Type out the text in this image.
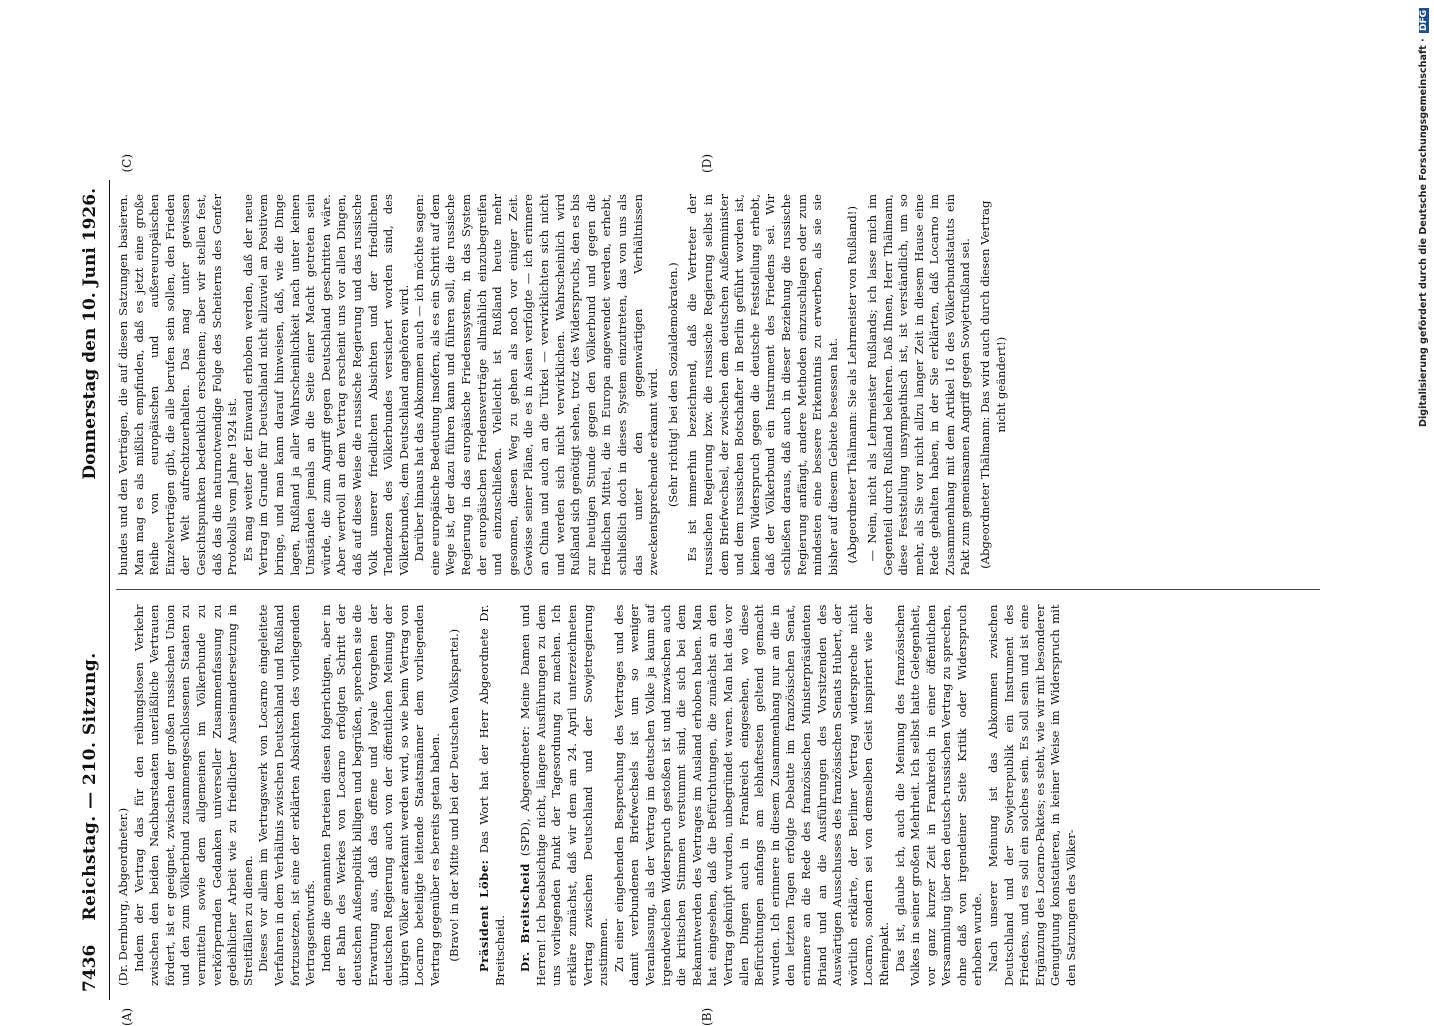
7436
Reichstag. — 210. Sitzung.
Donnerstag den 10. Juni 1926.

(Dr. Dernburg, Abgeordneter.) Indem der Vertrag das für den reibungslosen Verkehr zwischen den beiden Nachbarstaaten unerläßliche Vertrauen fördert, ist er geeignet, zwischen der großen russischen Union und den zum Völkerbund zusammengeschlossenen Staaten zu vermitteln sowie dem allgemeinen im Völkerbunde zu verkörpernden Gedanken universeller Zusammenfassung zu gedeihlicher Arbeit wie zu friedlicher Auseinandersetzung in Streitfällen zu dienen. Dieses vor allem im Vertragswerk von Locarno eingeleitete Verfahren in dem Verhältnis zwischen Deutschland und Rußland fortzusetzen, ist eine der erklärten Absichten des vorliegenden Vertragsentwurfs. Indem die genannten Parteien diesen folgerichtigen, aber in der Bahn des Werkes von Locarno erfolgten Schritt der deutschen Außenpolitik billigen und begrüßen, sprechen sie die Erwartung aus, daß das offene und loyale Vorgehen der deutschen Regierung auch von der öffentlichen Meinung der übrigen Völker anerkannt werden wird, so wie beim Vertrag von Locarno beteiligte leitende Staatsmänner dem vorliegenden Vertrag gegenüber es bereits getan haben. (Bravo! in der Mitte und bei der Deutschen Volkspartei.) Präsident Löbe: Das Wort hat der Herr Abgeordnete Dr. Breitscheid. Dr. Breitscheid (SPD), Abgeordneter: Meine Damen und Herren! Ich beabsichtige nicht, längere Ausführungen zu dem uns vorliegenden Punkt der Tagesordnung zu machen. Ich erkläre zunächst, daß wir dem am 24. April unterzeichneten Vertrag zwischen Deutschland und der Sowjetregierung zustimmen. Zu einer eingehenden Besprechung des Vertrages und des damit verbundenen Briefwechsels ist um so weniger Veranlassung, als der Vertrag im deutschen Volke ja kaum auf irgendwelchen Widerspruch gestoßen ist und inzwischen auch die kritischen Stimmen verstummt sind, die sich bei dem Bekanntwerden des Vertrages im Ausland erhoben haben. Man hat eingesehen, daß die Befürchtungen, die zunächst an den Vertrag geknüpft wurden, unbegründet waren. Man hat das vor allen Dingen auch in Frankreich eingesehen, wo diese Befürchtungen anfangs am lebhaftesten geltend gemacht wurden. Ich erinnere in diesem Zusammenhang nur an die in den letzten Tagen erfolgte Debatte im französischen Senat, erinnere an die Rede des französischen Ministerpräsidenten Briand und an die Ausführungen des Vorsitzenden des Auswärtigen Ausschusses des französischen Senats Hubert, der wörtlich erklärte, der Berliner Vertrag widerspreche nicht Locarno, sondern sei von demselben Geist inspiriert wie der Rheinpakt. Das ist, glaube ich, auch die Meinung des französischen Volkes in seiner großen Mehrheit. Ich selbst hatte Gelegenheit, vor ganz kurzer Zeit in Frankreich in einer öffentlichen Versammlung über den deutsch-russischen Vertrag zu sprechen, ohne daß von irgendeiner Seite Kritik oder Widerspruch erhoben wurde. Nach unserer Meinung ist das Abkommen zwischen Deutschland und der Sowjetrepublik ein Instrument des Friedens, und es soll ein solches sein. Es soll sein und ist eine Ergänzung des Locarno-Paktes; es steht, wie wir mit besonderer Genugtuung konstatieren, in keiner Weise im Widerspruch mit den Satzungen des Völker-

bundes und den Verträgen, die auf diesen Satzungen basieren. Man mag es als mißlich empfinden, daß es jetzt eine große Reihe von europäischen und außereuropäischen Einzelverträgen gibt, die alle berufen sein sollen, den Frieden der Welt aufrechtzuerhalten. Das mag unter gewissen Gesichtspunkten bedenklich erscheinen; aber wir stellen fest, daß das die naturnotwendige Folge des Scheiterns des Genfer Protokolls vom Jahre 1924 ist. Es mag weiter der Einwand erhoben werden, daß der neue Vertrag im Grunde für Deutschland nicht allzuviel an Positivem bringe, und man kann darauf hinweisen, daß, wie die Dinge lagen, Rußland ja aller Wahrscheinlichkeit nach unter keinen Umständen jemals an die Seite einer Macht getreten sein würde, die zum Angriff gegen Deutschland geschritten wäre. Aber wertvoll an dem Vertrag erscheint uns vor allen Dingen, daß auf diese Weise die russische Regierung und das russische Volk unserer friedlichen Absichten und der friedlichen Tendenzen des Völkerbundes versichert worden sind, des Völkerbundes, dem Deutschland angehören wird. Darüber hinaus hat das Abkommen auch — ich möchte sagen: eine europäische Bedeutung insofern, als es ein Schritt auf dem Wege ist, der dazu führen kann und führen soll, die russische Regierung in das europäische Friedenssystem, in das System der europäischen Friedensverträge allmählich einzubegreifen und einzuschließen. Vielleicht ist Rußland heute mehr gesonnen, diesen Weg zu gehen als noch vor einiger Zeit. Gewisse seiner Pläne, die es in Asien verfolgte — ich erinnere an China und auch an die Türkei — verwirklichten sich nicht und werden sich nicht verwirklichen. Wahrscheinlich wird Rußland sich genötigt sehen, trotz des Widerspruchs, den es bis zur heutigen Stunde gegen den Völkerbund und gegen die friedlichen Mittel, die in Europa angewendet werden, erhebt, schließlich doch in dieses System einzutreten, das von uns als das unter den gegenwärtigen Verhältnissen zweckentsprechende erkannt wird. (Sehr richtig! bei den Sozialdemokraten.) Es ist immerhin bezeichnend, daß die Vertreter der russischen Regierung bzw. die russische Regierung selbst in dem Briefwechsel, der zwischen dem deutschen Außenminister und dem russischen Botschafter in Berlin geführt worden ist, keinen Widerspruch gegen die deutsche Feststellung erhebt, daß der Völkerbund ein Instrument des Friedens sei. Wir schließen daraus, daß auch in dieser Beziehung die russische Regierung anfängt, andere Methoden einzuschlagen oder zum mindesten eine bessere Erkenntnis zu erwerben, als sie sie bisher auf diesem Gebiete besessen hat. (Abgeordneter Thälmann: Sie als Lehrmeister von Rußland!) — Nein, nicht als Lehrmeister Rußlands; ich lasse mich im Gegenteil durch Rußland belehren. Daß Ihnen, Herr Thälmann, diese Feststellung unsympathisch ist, ist verständlich, um so mehr, als Sie vor nicht allzu langer Zeit in diesem Hause eine Rede gehalten haben, in der Sie erklärten, daß Locarno im Zusammenhang mit dem Artikel 16 des Völkerbundstatuts ein Pakt zum gemeinsamen Angriff gegen Sowjetrußland sei. (Abgeordneter Thälmann: Das wird auch durch diesen Vertrag nicht geändert!)

(A)	(B)
(C)	(D)	Digitalisierung gefördert durch die Deutsche Forschungsgemeinschaft · DFG
